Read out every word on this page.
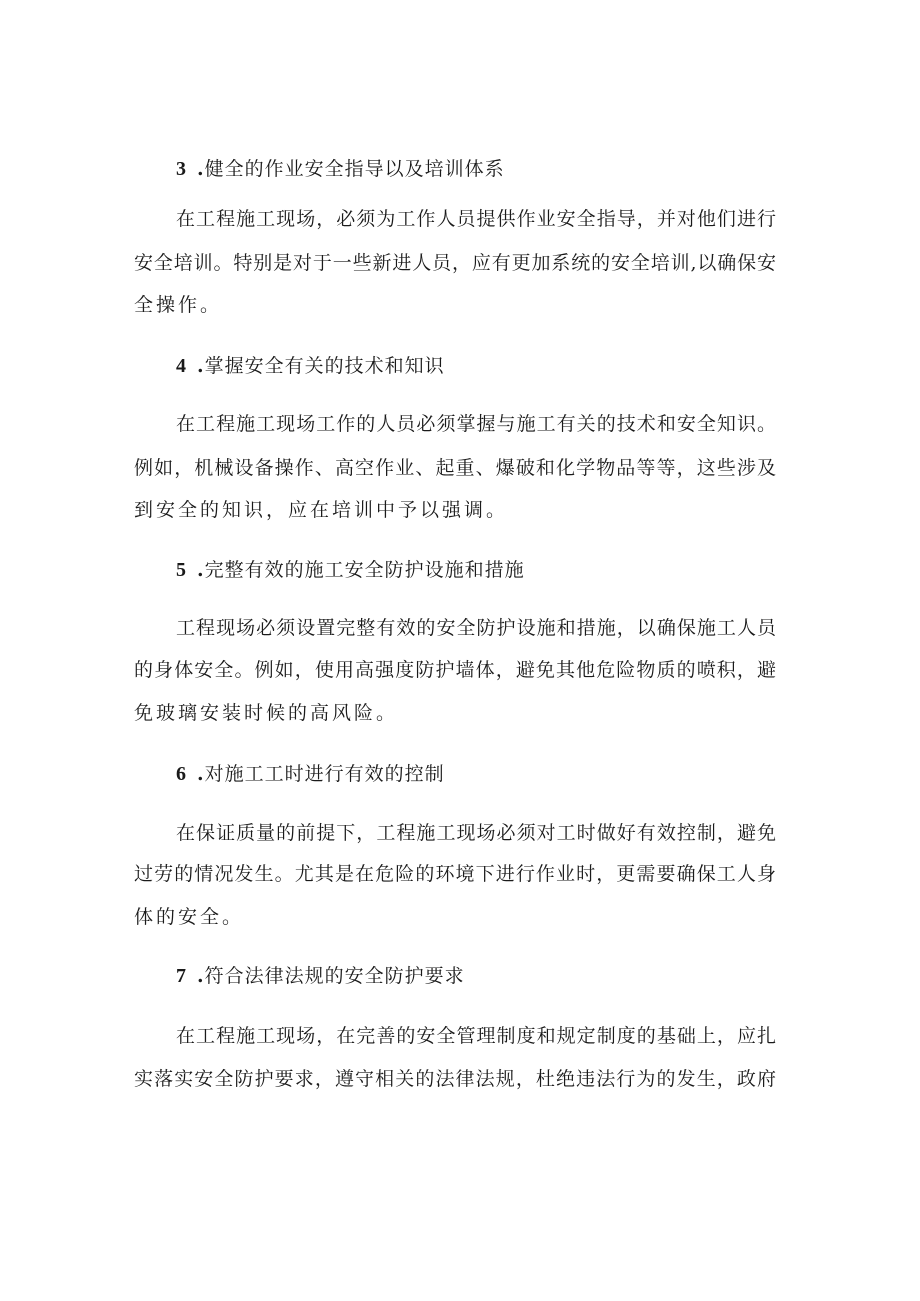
3 .健全的作业安全指导以及培训体系
在工程施工现场，必须为工作人员提供作业安全指导，并对他们进行
安全培训。特别是对于一些新进人员，应有更加系统的安全培训,以确保安
全操作。
4 .掌握安全有关的技术和知识
在工程施工现场工作的人员必须掌握与施工有关的技术和安全知识。
例如，机械设备操作、高空作业、起重、爆破和化学物品等等，这些涉及
到安全的知识，应在培训中予以强调。
5 .完整有效的施工安全防护设施和措施
工程现场必须设置完整有效的安全防护设施和措施，以确保施工人员
的身体安全。例如，使用高强度防护墙体，避免其他危险物质的喷积，避
免玻璃安装时候的高风险。
6 .对施工工时进行有效的控制
在保证质量的前提下，工程施工现场必须对工时做好有效控制，避免
过劳的情况发生。尤其是在危险的环境下进行作业时，更需要确保工人身
体的安全。
7 .符合法律法规的安全防护要求
在工程施工现场，在完善的安全管理制度和规定制度的基础上，应扎
实落实安全防护要求，遵守相关的法律法规，杜绝违法行为的发生，政府
